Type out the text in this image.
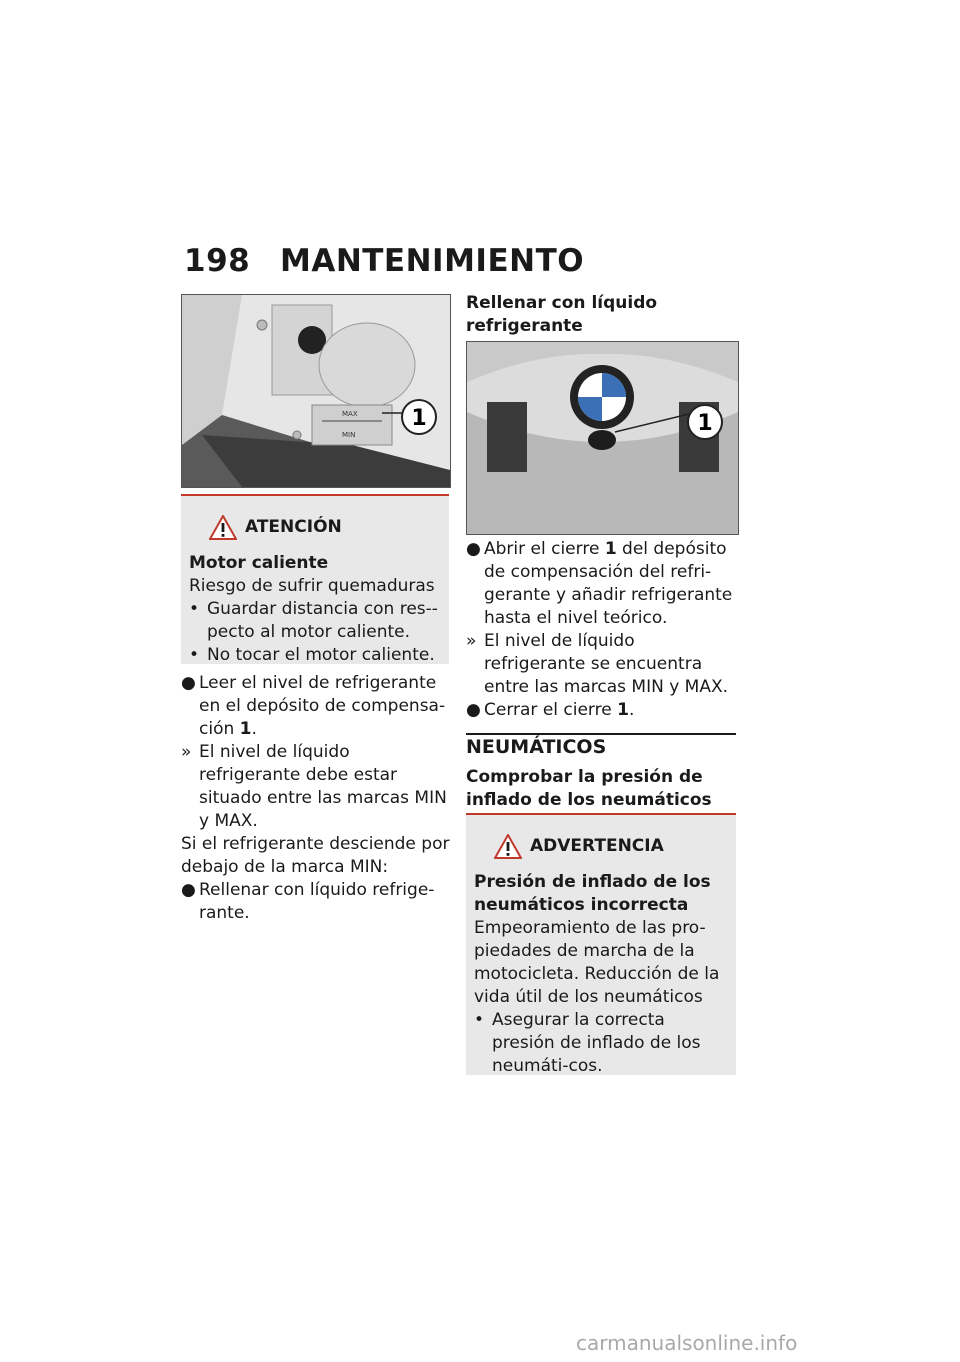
198 MANTENIMIENTO
MAX
MIN
1
ATENCIÓN
Motor caliente
Riesgo de sufrir quemaduras
• Guardar distancia con res-pecto al motor caliente.
• No tocar el motor caliente.
● Leer el nivel de refrigerante en el depósito de compensa-ción 1.
» El nivel de líquido refrigerante debe estar situado entre las marcas MIN y MAX.
Si el refrigerante desciende por debajo de la marca MIN:
● Rellenar con líquido refrige-rante.
Rellenar con líquido refrigerante
1
● Abrir el cierre 1 del depósito de compensación del refri-gerante y añadir refrigerante hasta el nivel teórico.
» El nivel de líquido refrigerante se encuentra entre las marcas MIN y MAX.
● Cerrar el cierre 1.
NEUMÁTICOS
Comprobar la presión de inflado de los neumáticos
ADVERTENCIA
Presión de inflado de los neumáticos incorrecta
Empeoramiento de las pro-piedades de marcha de la motocicleta. Reducción de la vida útil de los neumáticos
• Asegurar la correcta presión de inflado de los neumáti-cos.
carmanualsonline.info
